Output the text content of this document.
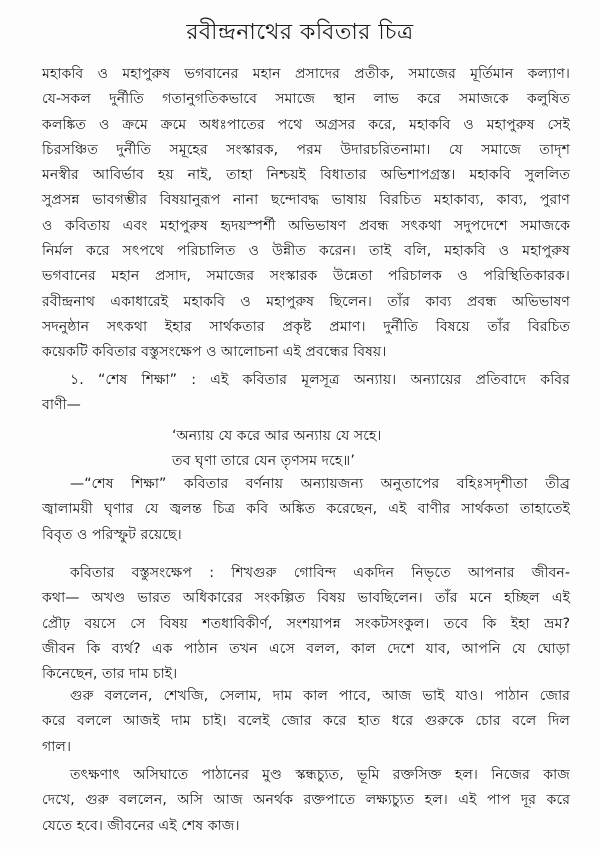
রবীন্দ্রনাথের কবিতার চিত্র
মহাকবি ও মহাপুরুষ ভগবানের মহান প্রসাদের প্রতীক, সমাজের মূর্তিমান কল্যাণ।
যে-সকল দুর্নীতি গতানুগতিকভাবে সমাজে স্থান লাভ করে সমাজকে কলুষিত
কলঙ্কিত ও ক্রমে ক্রমে অধঃপাতের পথে অগ্রসর করে, মহাকবি ও মহাপুরুষ সেই
চিরসঞ্চিত দুর্নীতি সমূহের সংস্কারক, পরম উদারচরিতনামা। যে সমাজে তাদৃশ
মনস্বীর আবির্ভাব হয় নাই, তাহা নিশ্চয়ই বিধাতার অভিশাপগ্রস্ত। মহাকবি সুললিত
সুপ্রসন্ন ভাবগম্ভীর বিষয়ানুরূপ নানা ছন্দোবদ্ধ ভাষায় বিরচিত মহাকাব্য, কাব্য, পুরাণ
ও কবিতায় এবং মহাপুরুষ হৃদয়স্পর্শী অভিভাষণ প্রবন্ধ সৎকথা সদুপদেশে সমাজকে
নির্মল করে সৎপথে পরিচালিত ও উন্নীত করেন। তাই বলি, মহাকবি ও মহাপুরুষ
ভগবানের মহান প্রসাদ, সমাজের সংস্কারক উন্নেতা পরিচালক ও পরিস্থিতিকারক।
রবীন্দ্রনাথ একাধারেই মহাকবি ও মহাপুরুষ ছিলেন। তাঁর কাব্য প্রবন্ধ অভিভাষণ
সদনুষ্ঠান সৎকথা ইহার সার্থকতার প্রকৃষ্ট প্রমাণ। দুর্নীতি বিষয়ে তাঁর বিরচিত
কয়েকটি কবিতার বস্তুসংক্ষেপ ও আলোচনা এই প্রবন্ধের বিষয়।
১. “শেষ শিক্ষা” : এই কবিতার মূলসূত্র অন্যায়। অন্যায়ের প্রতিবাদে কবির
বাণী—
‘অন্যায় যে করে আর অন্যায় যে সহে।
তব ঘৃণা তারে যেন তৃণসম দহে॥’
—“শেষ শিক্ষা” কবিতার বর্ণনায় অন্যায়জন্য অনুতাপের বহিঃসদৃশীতা তীব্র
জ্বালাময়ী ঘৃণার যে জ্বলন্ত চিত্র কবি অঙ্কিত করেছেন, এই বাণীর সার্থকতা তাহাতেই
বিবৃত ও পরিস্ফুট রয়েছে।
কবিতার বস্তুসংক্ষেপ : শিখগুরু গোবিন্দ একদিন নিভৃতে আপনার জীবন-
কথা— অখণ্ড ভারত অধিকারের সংকল্পিত বিষয় ভাবছিলেন। তাঁর মনে হচ্ছিল এই
প্রৌঢ় বয়সে সে বিষয় শতধাবিকীর্ণ, সংশয়াপন্ন সংকটসংকুল। তবে কি ইহা ভ্রম?
জীবন কি ব্যর্থ? এক পাঠান তখন এসে বলল, কাল দেশে যাব, আপনি যে ঘোড়া
কিনেছেন, তার দাম চাই।
গুরু বললেন, শেখজি, সেলাম, দাম কাল পাবে, আজ ভাই যাও। পাঠান জোর
করে বললে আজই দাম চাই। বলেই জোর করে হাত ধরে গুরুকে চোর বলে দিল
গাল।
তৎক্ষণাৎ অসিঘাতে পাঠানের মুণ্ড স্কন্ধচ্যুত, ভূমি রক্তসিক্ত হল। নিজের কাজ
দেখে, গুরু বললেন, অসি আজ অনর্থক রক্তপাতে লক্ষ্যচ্যুত হল। এই পাপ দূর করে
যেতে হবে। জীবনের এই শেষ কাজ।
